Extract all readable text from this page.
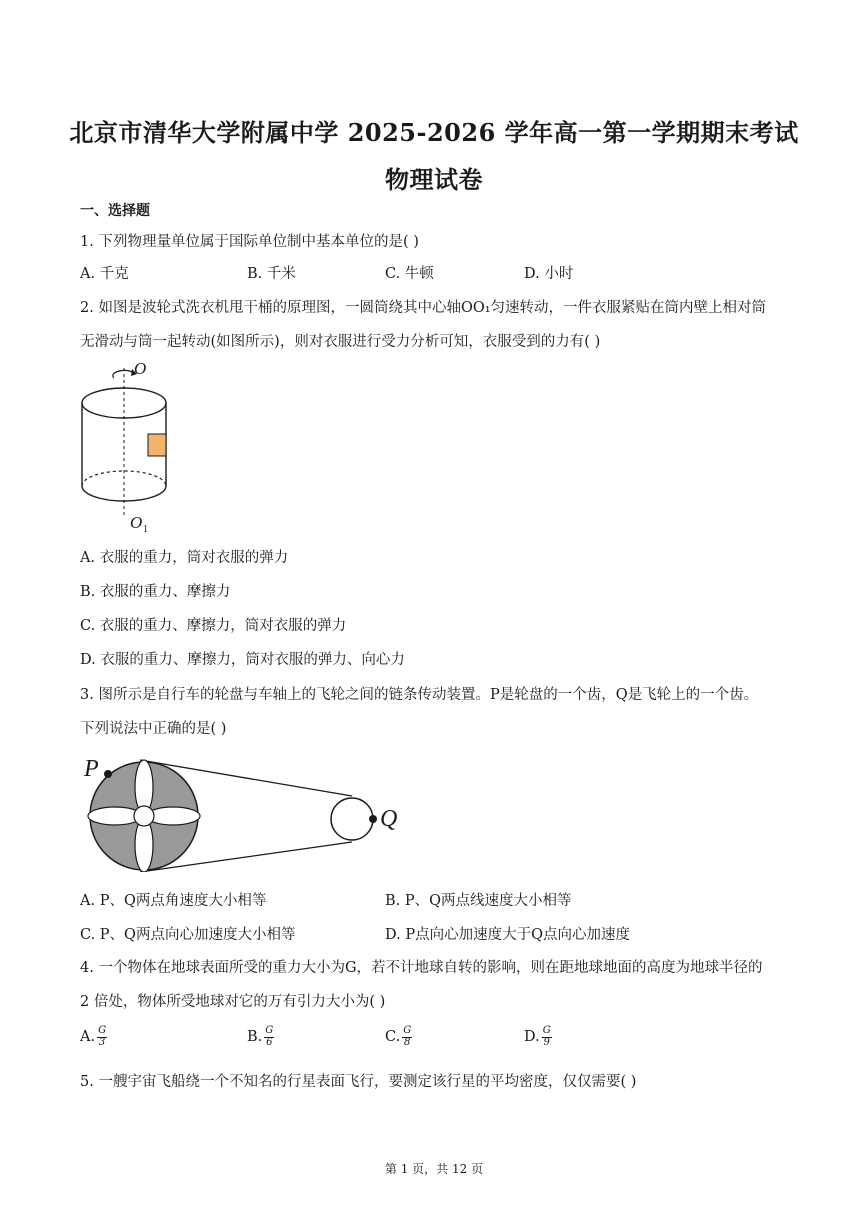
北京市清华大学附属中学 2025-2026 学年高一第一学期期末考试
物理试卷
一、选择题
1. 下列物理量单位属于国际单位制中基本单位的是( )
A. 千克	B. 千米	C. 牛顿	D. 小时
2. 如图是波轮式洗衣机甩干桶的原理图，一圆筒绕其中心轴OO₁匀速转动，一件衣服紧贴在筒内壁上相对筒
无滑动与筒一起转动(如图所示)，则对衣服进行受力分析可知，衣服受到的力有( )
O
O 1
A. 衣服的重力，筒对衣服的弹力
B. 衣服的重力、摩擦力
C. 衣服的重力、摩擦力，筒对衣服的弹力
D. 衣服的重力、摩擦力，筒对衣服的弹力、向心力
3. 图所示是自行车的轮盘与车轴上的飞轮之间的链条传动装置。P是轮盘的一个齿，Q是飞轮上的一个齿。
下列说法中正确的是( )
P
Q
A. P、Q两点角速度大小相等	B. P、Q两点线速度大小相等
C. P、Q两点向心加速度大小相等	D. P点向心加速度大于Q点向心加速度
4. 一个物体在地球表面所受的重力大小为G，若不计地球自转的影响，则在距地球地面的高度为地球半径的
2 倍处，物体所受地球对它的万有引力大小为( )
A. $\frac{G}{3}$	B. $\frac{G}{6}$	C. $\frac{G}{8}$	D. $\frac{G}{9}$
5. 一艘宇宙飞船绕一个不知名的行星表面飞行，要测定该行星的平均密度，仅仅需要( )
第 1 页，共 12 页
